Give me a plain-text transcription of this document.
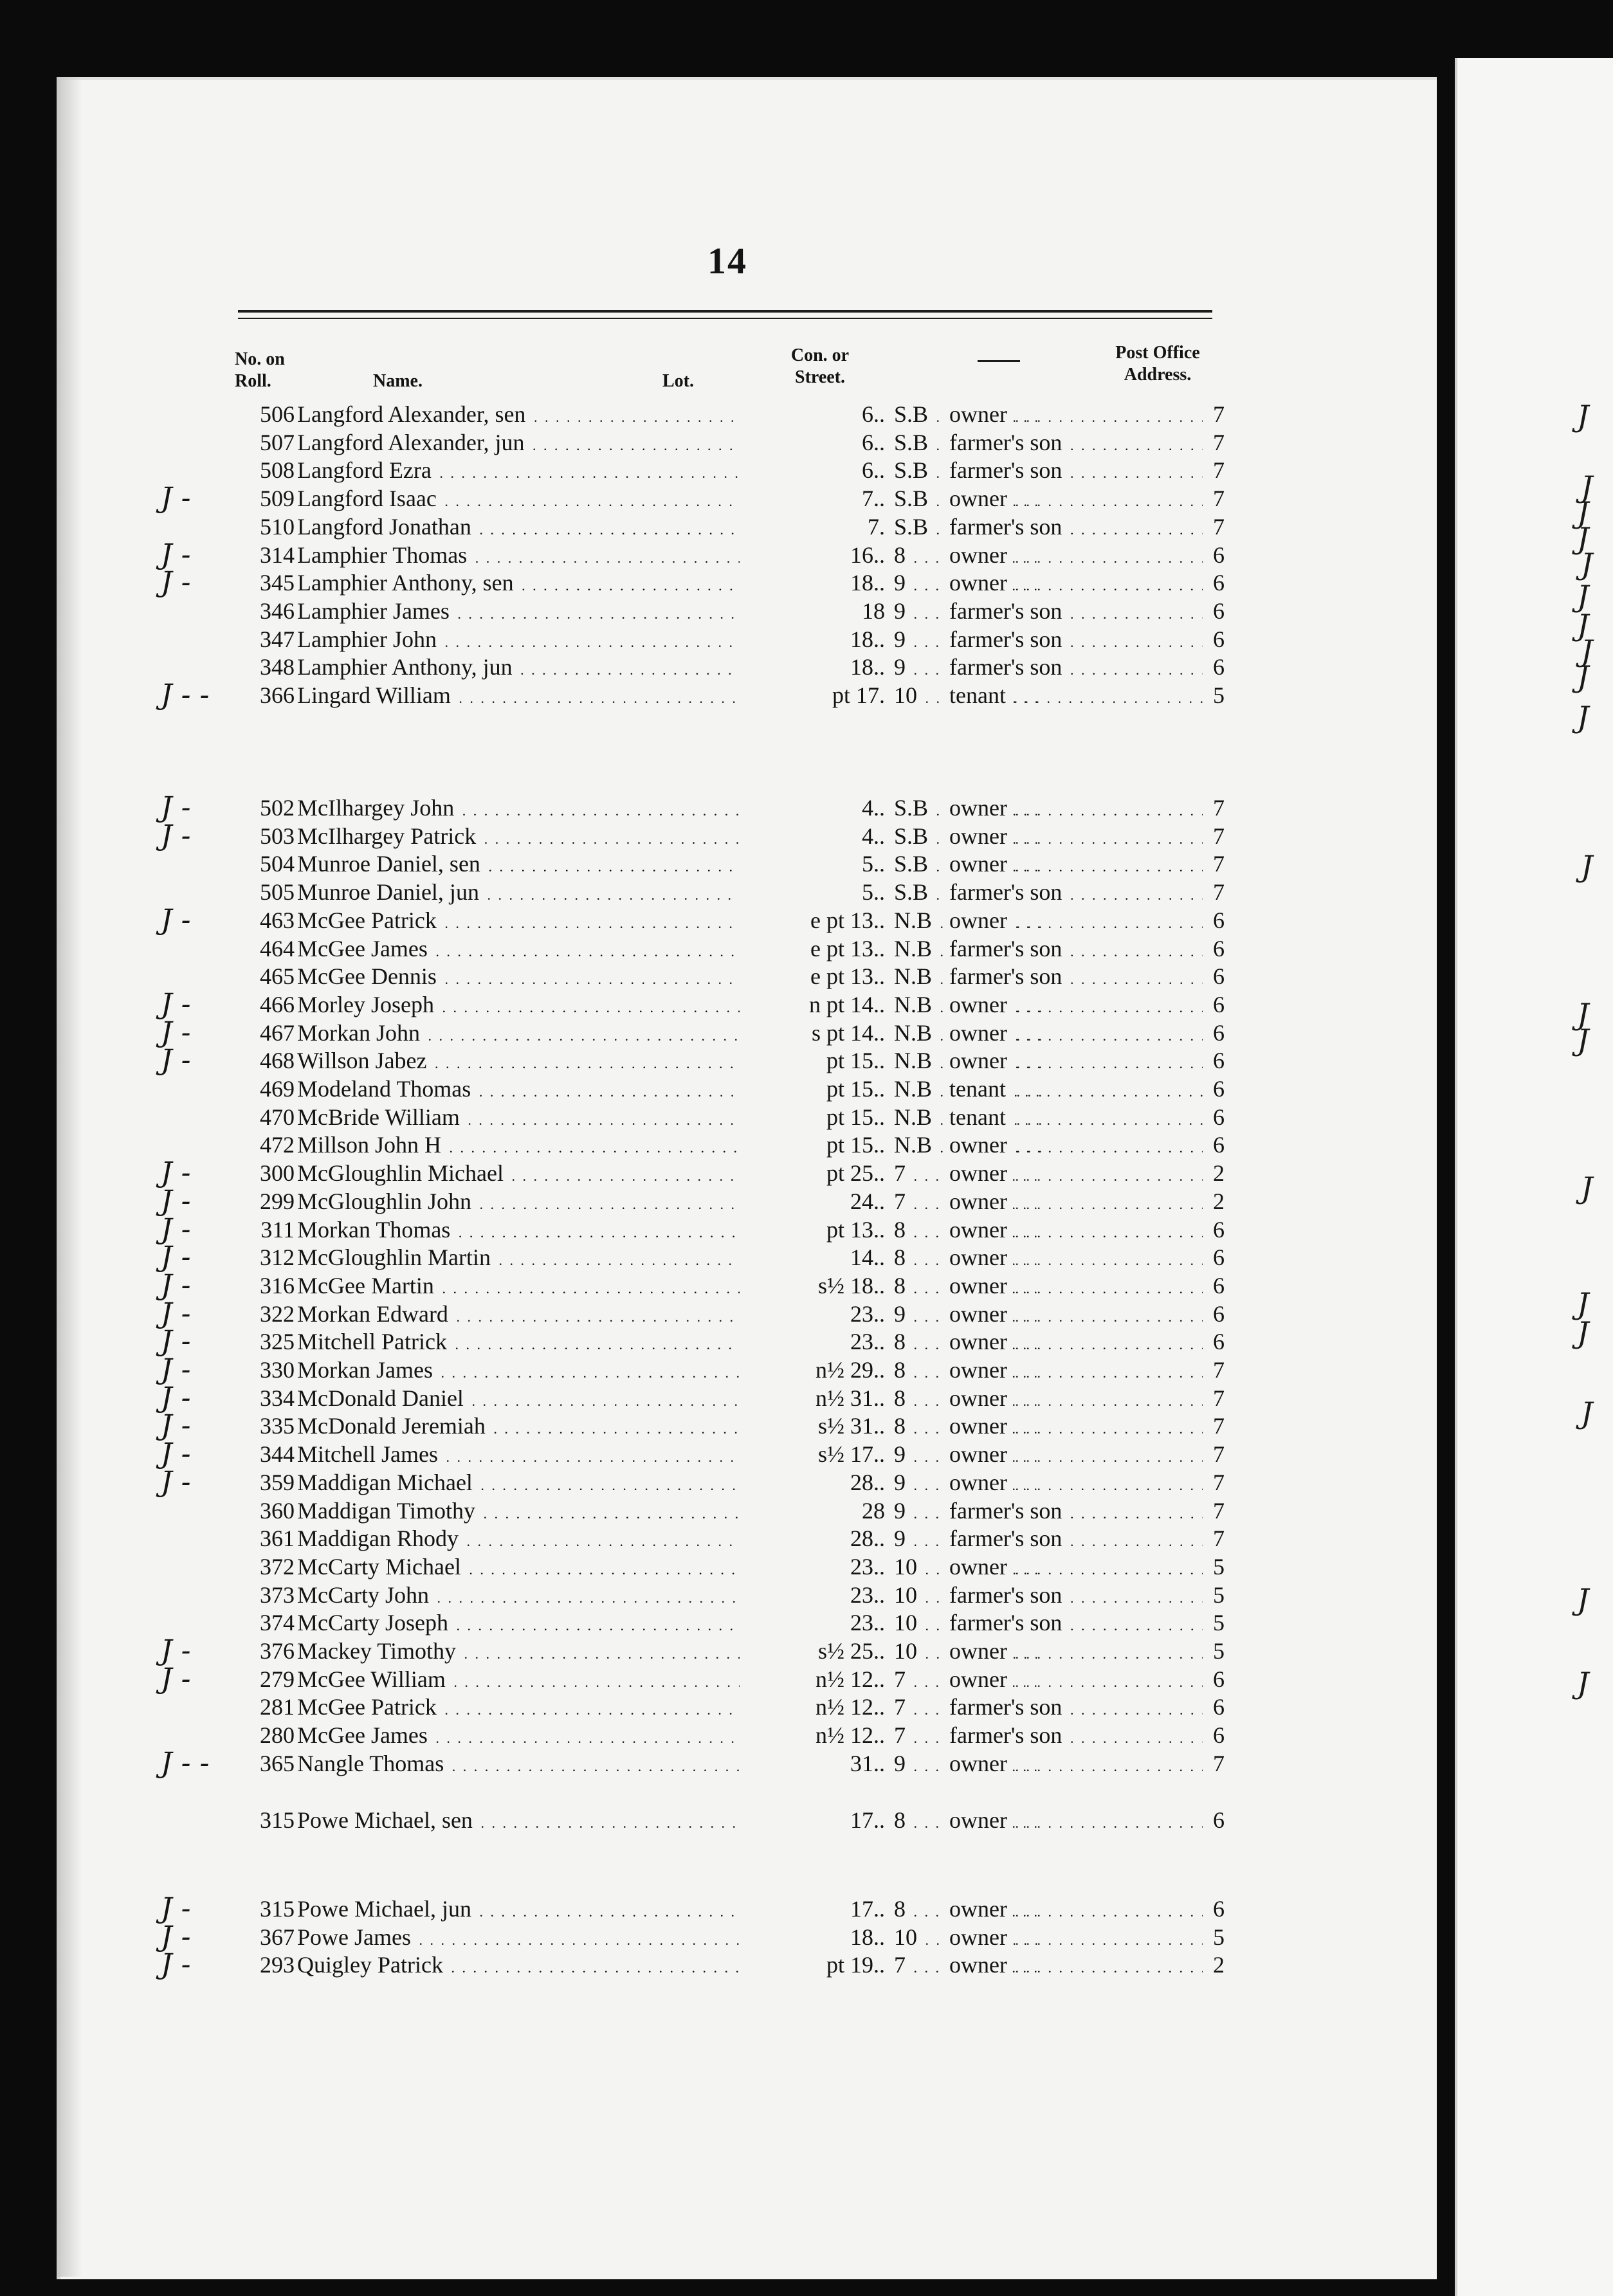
14
No. on Roll.	Name.	Lot.
Con. or Street.
Post Office Address.
506 Langford Alexander, sen . . .	6.. S.B . . . owner . . .	7
507 Langford Alexander, jun . . .	6.. S.B . . . farmer's son . . .	7
508 Langford Ezra . . .	6.. S.B . . . farmer's son . . .	7
J -	509 Langford Isaac . . .	7.. S.B . . . owner . . .	7
510 Langford Jonathan . . .	7. S.B . . . farmer's son . . .	7
J -	314 Lamphier Thomas . . .	16.. 8 . . .	owner . . .	6
J -	345 Lamphier Anthony, sen . . .	18.. 9 . . .	owner . . .	6
346 Lamphier James . . .	18 9 . . .	farmer's son . . .	6
347 Lamphier John . . .	18.. 9 . . .	farmer's son . . .	6
348 Lamphier Anthony, jun . . .	18.. 9 . . .	farmer's son . . .	6
J - -	366 Lingard William . . .	pt 17. 10 . . .	tenant . . .	5
J -	502 McIlhargey John . . .	4.. S.B . . . owner . . .	7
J -	503 McIlhargey Patrick . . .	4.. S.B . . . owner . . .	7
504 Munroe Daniel, sen . . .	5.. S.B . . . owner . . .	7
505 Munroe Daniel, jun . . .	5.. S.B . . . farmer's son . . .	7
J -	463 McGee Patrick . . .	e pt 13.. N.B . . . owner . . .	6
464 McGee James . . .	e pt 13.. N.B . . . farmer's son . . .	6
465 McGee Dennis . . .	e pt 13.. N.B . . . farmer's son . . .	6
J -	466 Morley Joseph . . .	n pt 14.. N.B . . . owner . . .	6
J -	467 Morkan John . . .	s pt 14.. N.B . . . owner . . .	6
J -	468 Willson Jabez . . .	pt 15.. N.B . . . owner . . .	6
469 Modeland Thomas . . .	pt 15.. N.B . . . tenant . . .	6
470 McBride William . . .	pt 15.. N.B . . . tenant . . .	6
472 Millson John H . . .	pt 15.. N.B . . . owner . . .	6
J -	300 McGloughlin Michael . . .	pt 25.. 7 . . .	owner . . .	2
J -	299 McGloughlin John . . .	24.. 7 . . .	owner . . .	2
J -	311 Morkan Thomas . . .	pt 13.. 8 . . .	owner . . .	6
J -	312 McGloughlin Martin . . .	14.. 8 . . .	owner . . .	6
J -	316 McGee Martin . . .	s½ 18.. 8 . . .	owner . . .	6
J -	322 Morkan Edward . . .	23.. 9 . . .	owner . . .	6
J -	325 Mitchell Patrick . . .	23.. 8 . . .	owner . . .	6
J -	330 Morkan James . . .	n½ 29.. 8 . . .	owner . . .	7
J -	334 McDonald Daniel . . .	n½ 31.. 8 . . .	owner . . .	7
J -	335 McDonald Jeremiah . . .	s½ 31.. 8 . . .	owner . . .	7
J -	344 Mitchell James . . .	s½ 17.. 9 . . .	owner . . .	7
J -	359 Maddigan Michael . . .	28.. 9 . . .	owner . . .	7
360 Maddigan Timothy . . .	28 9 . . .	farmer's son . . .	7
361 Maddigan Rhody . . .	28.. 9 . . .	farmer's son . . .	7
372 McCarty Michael . . .	23.. 10 . . .	owner . . .	5
373 McCarty John . . .	23.. 10 . . .	farmer's son . . .	5
374 McCarty Joseph . . .	23.. 10 . . .	farmer's son . . .	5
J -	376 Mackey Timothy . . .	s½ 25.. 10 . . .	owner . . .	5
J -	279 McGee William . . .	n½ 12.. 7 . . .	owner . . .	6
281 McGee Patrick . . .	n½ 12.. 7 . . .	farmer's son . . .	6
280 McGee James . . .	n½ 12.. 7 . . .	farmer's son . . .	6
J - -	365 Nangle Thomas . . .	31.. 9 . . .	owner . . .	7
315 Powe Michael, sen . . .	17.. 8 . . .	owner . . .	6
J -	315 Powe Michael, jun . . .	17.. 8 . . .	owner . . .	6
J -	367 Powe James . . .	18.. 10 . . .	owner . . .	5
J -	293 Quigley Patrick . . .	pt 19.. 7 . . .	owner . . .	2
J
J
J
J
J
J
J
J
J
J
J
J
J
J
J
J
J
J
J
